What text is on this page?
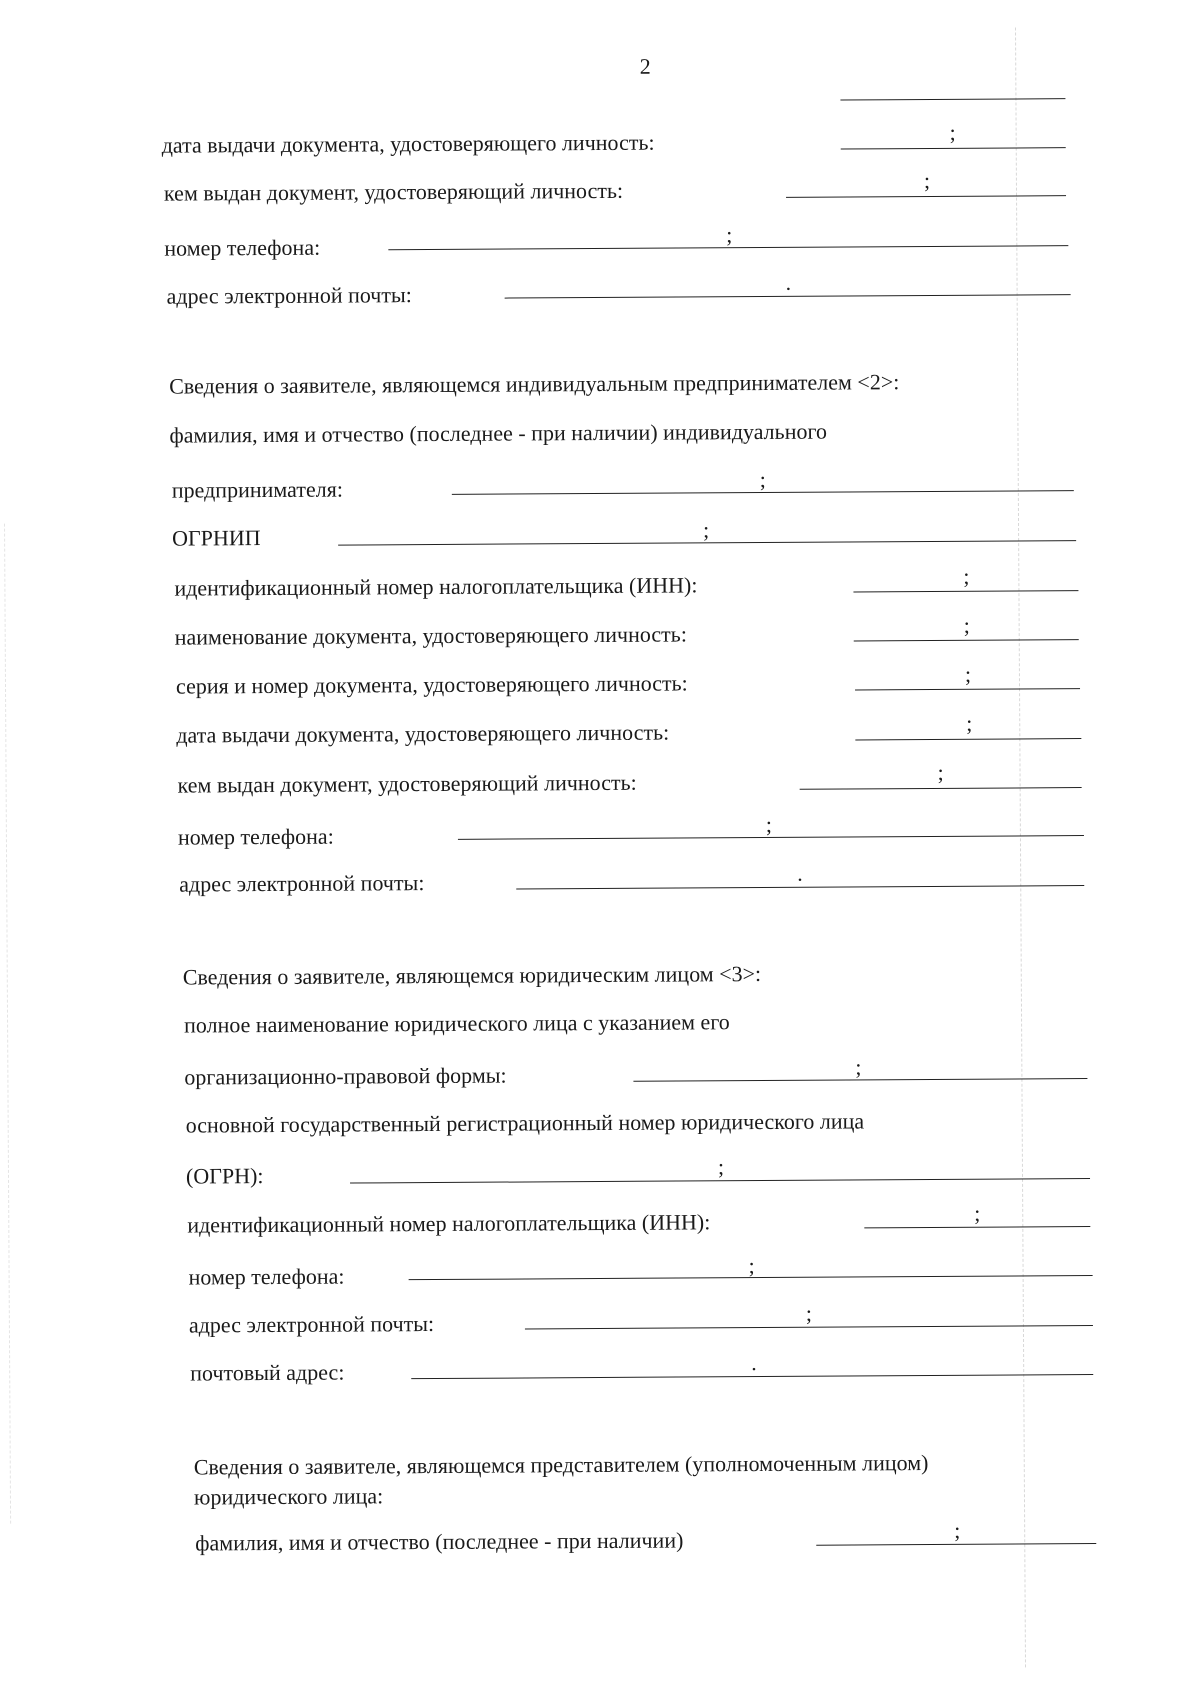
2
дата выдачи документа, удостоверяющего личность:	;
кем выдан документ, удостоверяющий личность:	;
номер телефона:	;
адрес электронной почты:	.
Сведения о заявителе, являющемся индивидуальным предпринимателем <2>:
фамилия, имя и отчество (последнее - при наличии) индивидуального
предпринимателя:	;
ОГРНИП	;
идентификационный номер налогоплательщика (ИНН):	;
наименование документа, удостоверяющего личность:	;
серия и номер документа, удостоверяющего личность:	;
дата выдачи документа, удостоверяющего личность:	;
кем выдан документ, удостоверяющий личность:	;
номер телефона:	;
адрес электронной почты:	.
Сведения о заявителе, являющемся юридическим лицом <3>:
полное наименование юридического лица с указанием его
организационно-правовой формы:	;
основной государственный регистрационный номер юридического лица
(ОГРН):	;
идентификационный номер налогоплательщика (ИНН):	;
номер телефона:	;
адрес электронной почты:	;
почтовый адрес:	.
Сведения о заявителе, являющемся представителем (уполномоченным лицом)
юридического лица:
фамилия, имя и отчество (последнее - при наличии)	;
